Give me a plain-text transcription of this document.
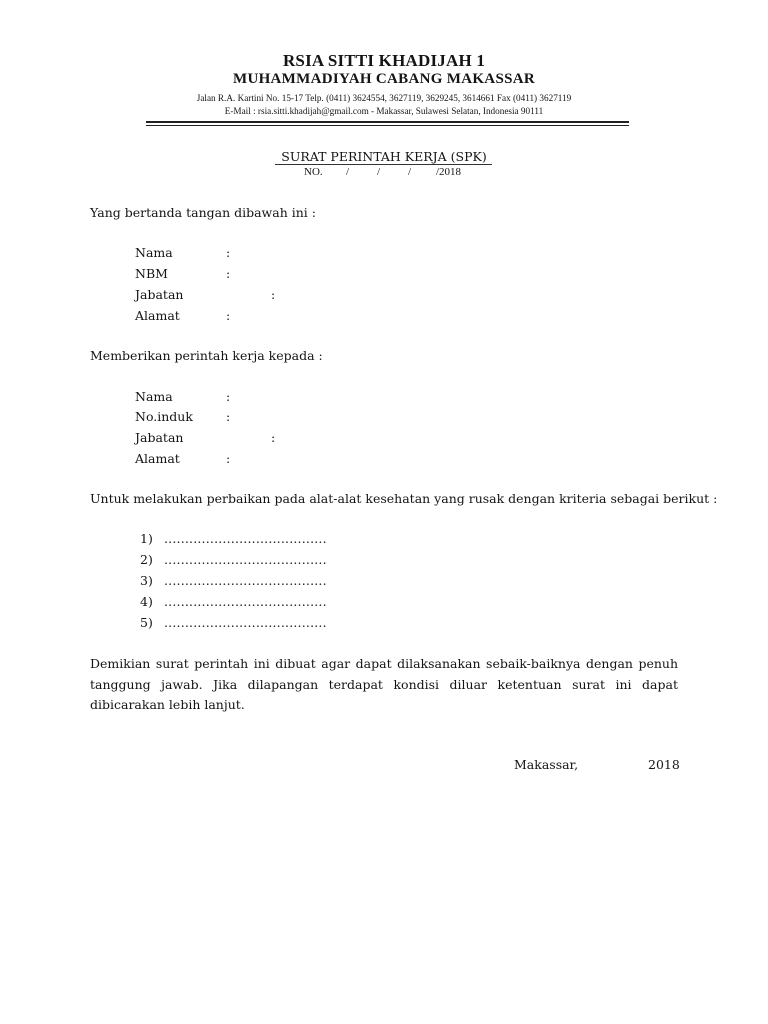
RSIA SITTI KHADIJAH 1
MUHAMMADIYAH CABANG MAKASSAR
Jalan R.A. Kartini No. 15-17 Telp. (0411) 3624554, 3627119, 3629245, 3614661 Fax (0411) 3627119
E-Mail : rsia.sitti.khadijah@gmail.com - Makassar, Sulawesi Selatan, Indonesia 90111
SURAT PERINTAH KERJA (SPK)
NO. /	/	/ /2018
Yang bertanda tangan dibawah ini :
Nama	:
NBM	:
Jabatan	:
Alamat	:
Memberikan perintah kerja kepada :
Nama	:
No.induk	:
Jabatan	:
Alamat	:
Untuk melakukan perbaikan pada alat-alat kesehatan yang rusak dengan kriteria sebagai berikut :
1) .......................................
2) .......................................
3) .......................................
4) .......................................
5) .......................................
Demikian surat perintah ini dibuat agar dapat dilaksanakan sebaik-baiknya dengan penuh tanggung jawab. Jika dilapangan terdapat kondisi diluar ketentuan surat ini dapat dibicarakan lebih lanjut.
Makassar,	2018
